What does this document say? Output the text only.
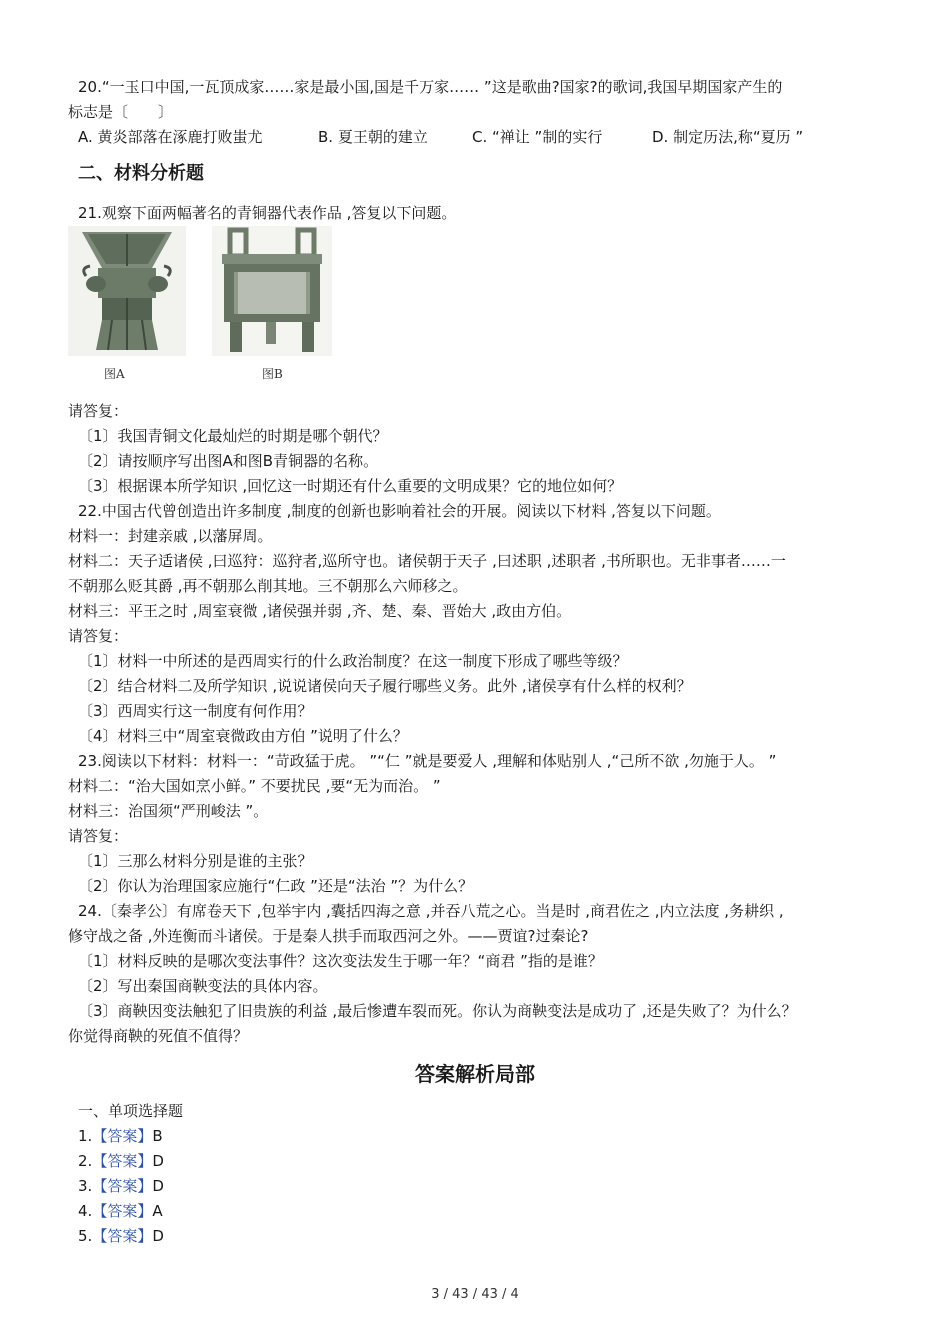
20.“一玉口中国,一瓦顶成家……家是最小国,国是千万家…… ”这是歌曲?国家?的歌词,我国早期国家产生的
标志是〔　　〕
A. 黄炎部落在涿鹿打败蚩尤	B. 夏王朝的建立	C. “禅让 ”制的实行	D. 制定历法,称“夏历 ”
二、材料分析题
21.观察下面两幅著名的青铜器代表作品 ,答复以下问题。
图A	图B
请答复：
〔1〕我国青铜文化最灿烂的时期是哪个朝代？
〔2〕请按顺序写出图A和图B青铜器的名称。
〔3〕根据课本所学知识 ,回忆这一时期还有什么重要的文明成果？它的地位如何？
22.中国古代曾创造出许多制度 ,制度的创新也影响着社会的开展。阅读以下材料 ,答复以下问题。
材料一：封建亲戚 ,以藩屏周。
材料二：天子适诸侯 ,曰巡狩：巡狩者,巡所守也。诸侯朝于天子 ,曰述职 ,述职者 ,书所职也。无非事者……一
不朝那么贬其爵 ,再不朝那么削其地。三不朝那么六师移之。
材料三：平王之时 ,周室衰微 ,诸侯强并弱 ,齐、楚、秦、晋始大 ,政由方伯。
请答复：
〔1〕材料一中所述的是西周实行的什么政治制度？在这一制度下形成了哪些等级？
〔2〕结合材料二及所学知识 ,说说诸侯向天子履行哪些义务。此外 ,诸侯享有什么样的权利？
〔3〕西周实行这一制度有何作用？
〔4〕材料三中“周室衰微政由方伯 ”说明了什么？
23.阅读以下材料：材料一：“苛政猛于虎。 ”“仁 ”就是要爱人 ,理解和体贴别人 ,“己所不欲 ,勿施于人。 ”
材料二：“治大国如烹小鲜。” 不要扰民 ,要“无为而治。 ”
材料三：治国须“严刑峻法 ”。
请答复：
〔1〕三那么材料分别是谁的主张？
〔2〕你认为治理国家应施行“仁政 ”还是“法治 ”？为什么？
24.〔秦孝公〕有席卷天下 ,包举宇内 ,囊括四海之意 ,并吞八荒之心。当是时 ,商君佐之 ,内立法度 ,务耕织 ,
修守战之备 ,外连衡而斗诸侯。于是秦人拱手而取西河之外。——贾谊?过秦论?
〔1〕材料反映的是哪次变法事件？这次变法发生于哪一年？“商君 ”指的是谁？
〔2〕写出秦国商鞅变法的具体内容。
〔3〕商鞅因变法触犯了旧贵族的利益 ,最后惨遭车裂而死。你认为商鞅变法是成功了 ,还是失败了？为什么？
你觉得商鞅的死值不值得？
答案解析局部
一、单项选择题
1.【答案】B
2.【答案】D
3.【答案】D
4.【答案】A
5.【答案】D
3 / 43 / 43 / 4
